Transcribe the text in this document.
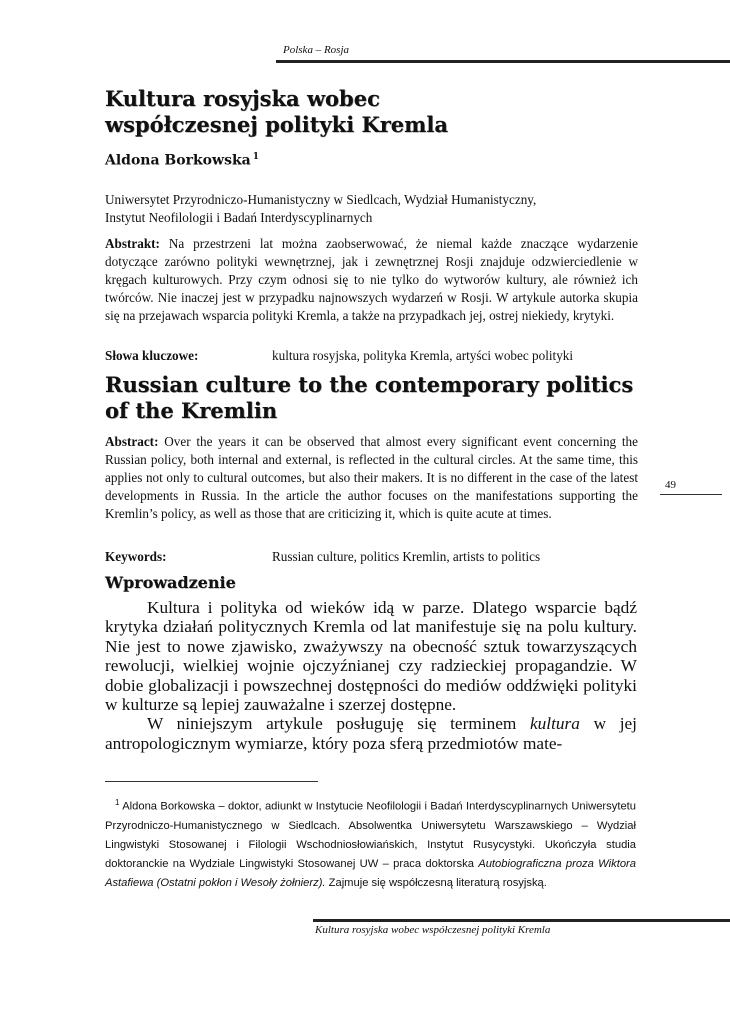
Polska – Rosja
Kultura rosyjska wobec
współczesnej polityki Kremla
Aldona Borkowska $^1$
Uniwersytet Przyrodniczo-Humanistyczny w Siedlcach, Wydział Humanistyczny,
Instytut Neofilologii i Badań Interdyscyplinarnych
Abstrakt: Na przestrzeni lat można zaobserwować, że niemal każde znaczące wydarzenie dotyczące zarówno polityki wewnętrznej, jak i zewnętrznej Rosji znajduje odzwierciedlenie w kręgach kulturowych. Przy czym odnosi się to nie tylko do wytworów kultury, ale również ich twórców. Nie inaczej jest w przypadku najnowszych wydarzeń w Rosji. W artykule autorka skupia się na przejawach wsparcia polityki Kremla, a także na przypadkach jej, ostrej niekiedy, krytyki.
Słowa kluczowe:	kultura rosyjska, polityka Kremla, artyści wobec polityki
Russian culture to the contemporary politics
of the Kremlin
Abstract: Over the years it can be observed that almost every significant event concerning the Russian policy, both internal and external, is reflected in the cultural circles. At the same time, this applies not only to cultural outcomes, but also their makers. It is no different in the case of the latest developments in Russia. In the article the author focuses on the manifestations supporting the Kremlin’s policy, as well as those that are criticizing it, which is quite acute at times.
49
Keywords:	Russian culture, politics Kremlin, artists to politics
Wprowadzenie

Kultura i polityka od wieków idą w parze. Dlatego wsparcie bądź krytyka działań politycznych Kremla od lat manifestuje się na polu kultury. Nie jest to nowe zjawisko, zważywszy na obecność sztuk towarzyszących rewolucji, wielkiej wojnie ojczyźnianej czy radzieckiej propagandzie. W dobie globalizacji i powszechnej dostępności do mediów oddźwięki polityki w kulturze są lepiej zauważalne i szerzej dostępne.

W niniejszym artykule posługuję się terminem kultura w jej antropologicznym wymiarze, który poza sferą przedmiotów mate-

$^1$ Aldona Borkowska – doktor, adiunkt w Instytucie Neofilologii i Badań Interdyscyplinarnych Uniwersytetu Przyrodniczo-Humanistycznego w Siedlcach. Absolwentka Uniwersytetu Warszawskiego – Wydział Lingwistyki Stosowanej i Filologii Wschodniosłowiańskich, Instytut Rusycystyki. Ukończyła studia doktoranckie na Wydziale Lingwistyki Stosowanej UW – praca doktorska Autobiograficzna proza Wiktora Astafiewa (Ostatni pokłon i Wesoły żołnierz). Zajmuje się współczesną literaturą rosyjską.

Kultura rosyjska wobec współczesnej polityki Kremla
